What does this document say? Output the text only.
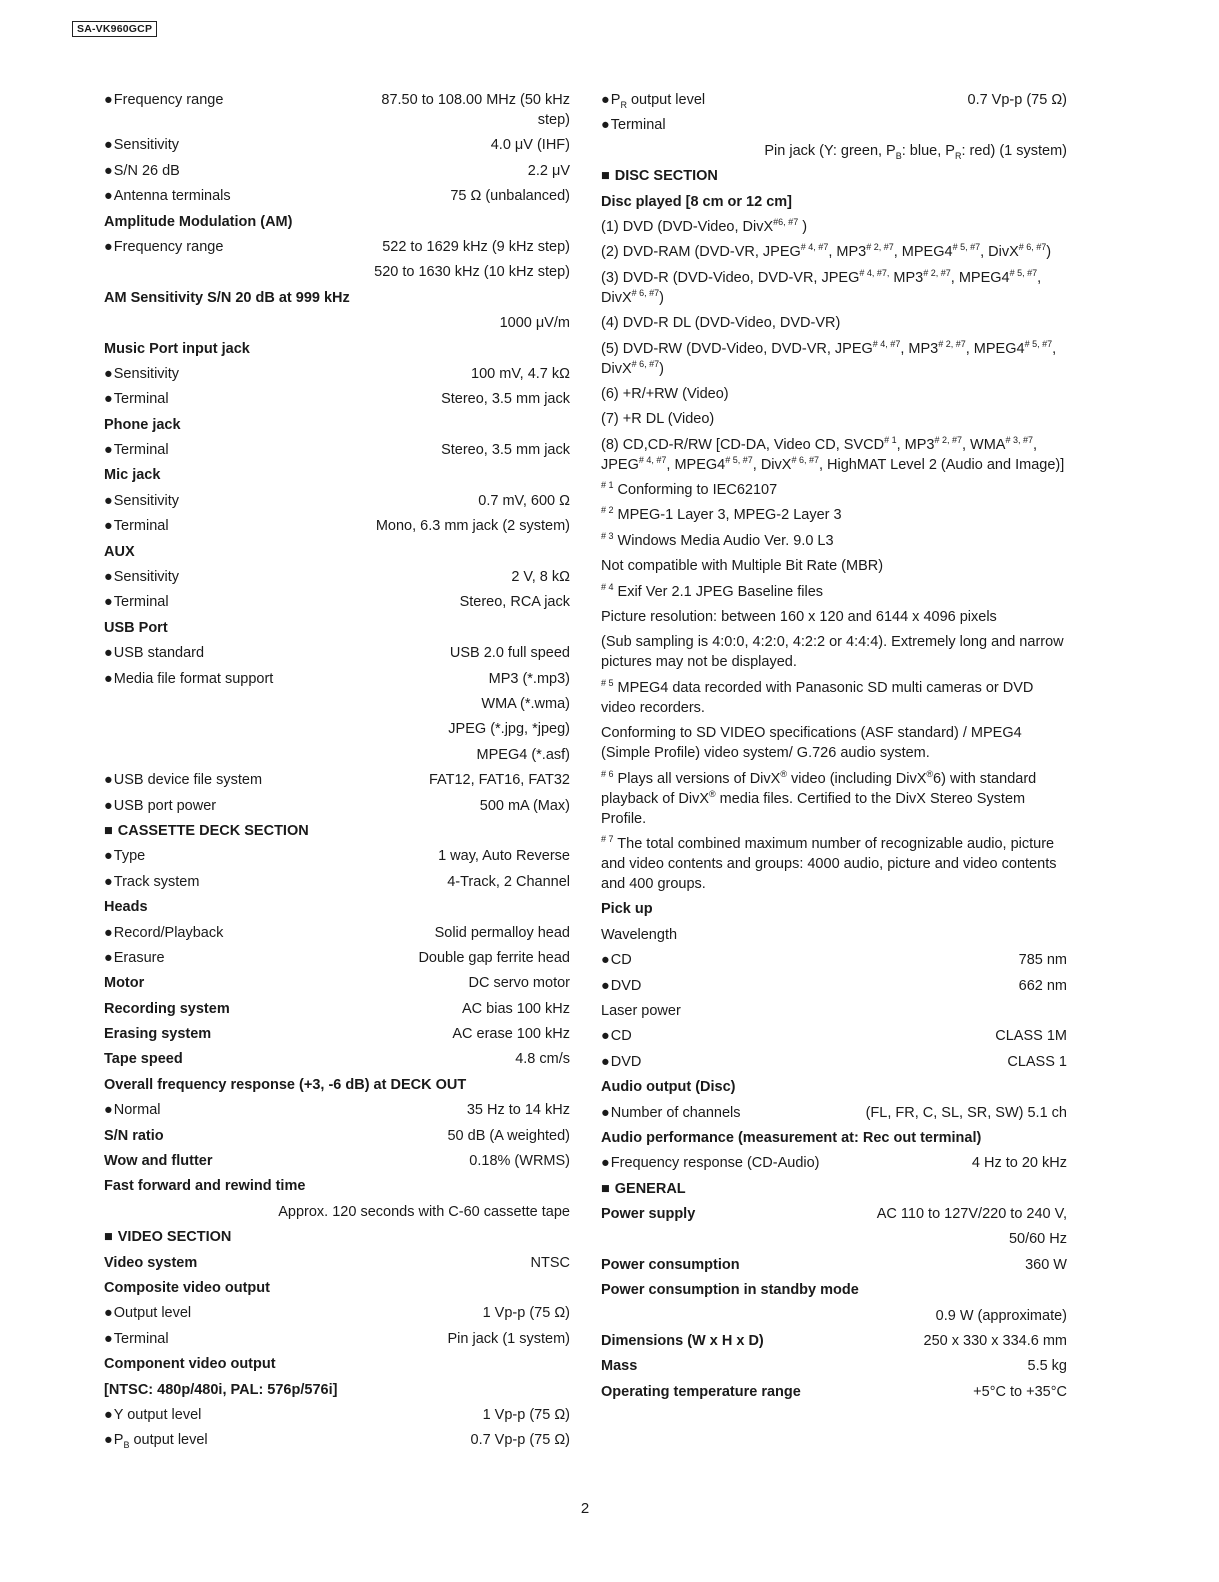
SA-VK960GCP
● Frequency range	87.50 to 108.00 MHz (50 kHz step)
● Sensitivity	4.0 μV (IHF)
● S/N 26 dB	2.2 μV
● Antenna terminals	75 Ω (unbalanced)
Amplitude Modulation (AM)
● Frequency range	522 to 1629 kHz (9 kHz step)
520 to 1630 kHz (10 kHz step)
AM Sensitivity S/N 20 dB at 999 kHz
1000 μV/m
Music Port input jack
● Sensitivity	100 mV, 4.7 kΩ
● Terminal	Stereo, 3.5 mm jack
Phone jack
● Terminal	Stereo, 3.5 mm jack
Mic jack
● Sensitivity	0.7 mV, 600 Ω
● Terminal	Mono, 6.3 mm jack (2 system)
AUX
● Sensitivity	2 V, 8 kΩ
● Terminal	Stereo, RCA jack
USB Port
● USB standard	USB 2.0 full speed
● Media file format support	MP3 (*.mp3)
WMA (*.wma)
JPEG (*.jpg, *jpeg)
MPEG4 (*.asf)
● USB device file system	FAT12, FAT16, FAT32
● USB port power	500 mA (Max)
■ CASSETTE DECK SECTION
● Type	1 way, Auto Reverse
● Track system	4-Track, 2 Channel
Heads
● Record/Playback	Solid permalloy head
● Erasure	Double gap ferrite head
Motor	DC servo motor
Recording system	AC bias 100 kHz
Erasing system	AC erase 100 kHz
Tape speed	4.8 cm/s
Overall frequency response (+3, -6 dB) at DECK OUT
● Normal	35 Hz to 14 kHz
S/N ratio	50 dB (A weighted)
Wow and flutter	0.18% (WRMS)
Fast forward and rewind time
Approx. 120 seconds with C-60 cassette tape
■ VIDEO SECTION
Video system	NTSC
Composite video output
● Output level	1 Vp-p (75 Ω)
● Terminal	Pin jack (1 system)
Component video output
[NTSC: 480p/480i, PAL: 576p/576i]
● Y output level	1 Vp-p (75 Ω)
● $P_B$ output level	0.7 Vp-p (75 Ω)
● $P_R$ output level	0.7 Vp-p (75 Ω)
● Terminal
Pin jack (Y: green, $P_B$: blue, $P_R$: red) (1 system)
■ DISC SECTION
Disc played [8 cm or 12 cm]
(1) DVD (DVD-Video, DivX$^{\#6, \#7}$ )
(2) DVD-RAM (DVD-VR, $JPEG^{\# 4, \#7}$, $MP3^{\# 2, \#7}$, $MPEG4^{\# 5, \#7}$, DivX$^{\# 6, \#7}$)
(3) DVD-R (DVD-Video, DVD-VR, $JPEG^{\# 4, \#7,}$ $MP3^{\# 2, \#7}$, $MPEG4^{\# 5, \#7}$, DivX$^{\# 6, \#7}$)
(4) DVD-R DL (DVD-Video, DVD-VR)
(5) DVD-RW (DVD-Video, DVD-VR, $JPEG^{\# 4, \#7}$, $MP3^{\# 2, \#7}$, $MPEG4^{\# 5, \#7}$, DivX$^{\# 6, \#7}$)
(6) +R/+RW (Video)
(7) +R DL (Video)
(8) CD,CD-R/RW [CD-DA, Video CD, SVCD$^{\# 1}$, $MP3^{\# 2, \#7}$, $WMA^{\# 3, \#7}$, $JPEG^{\# 4, \#7}$, $MPEG4^{\# 5, \#7}$, DivX$^{\# 6, \#7}$, HighMAT Level 2 (Audio and Image)]
$^{\# 1}$ Conforming to IEC62107
$^{\# 2}$ MPEG-1 Layer 3, MPEG-2 Layer 3
$^{\# 3}$ Windows Media Audio Ver. 9.0 L3
Not compatible with Multiple Bit Rate (MBR)
$^{\# 4}$ Exif Ver 2.1 JPEG Baseline files
Picture resolution: between 160 x 120 and 6144 x 4096 pixels
(Sub sampling is 4:0:0, 4:2:0, 4:2:2 or 4:4:4). Extremely long and narrow pictures may not be displayed.
$^{\# 5}$ MPEG4 data recorded with Panasonic SD multi cameras or DVD video recorders.
Conforming to SD VIDEO specifications (ASF standard) / MPEG4 (Simple Profile) video system/ G.726 audio system.
$^{\# 6}$ Plays all versions of DivX® video (including DivX®6) with standard playback of DivX® media files. Certified to the DivX Stereo System Profile.
$^{\# 7}$ The total combined maximum number of recognizable audio, picture and video contents and groups: 4000 audio, picture and video contents and 400 groups.
Pick up
Wavelength
● CD	785 nm
● DVD	662 nm
Laser power
● CD	CLASS 1M
● DVD	CLASS 1
Audio output (Disc)
● Number of channels	(FL, FR, C, SL, SR, SW) 5.1 ch
Audio performance (measurement at: Rec out terminal)
● Frequency response (CD-Audio)	4 Hz to 20 kHz
■ GENERAL
Power supply	AC 110 to 127V/220 to 240 V,
50/60 Hz
Power consumption	360 W
Power consumption in standby mode
0.9 W (approximate)
Dimensions (W x H x D)	250 x 330 x 334.6 mm
Mass	5.5 kg
Operating temperature range	+5°C to +35°C
2
